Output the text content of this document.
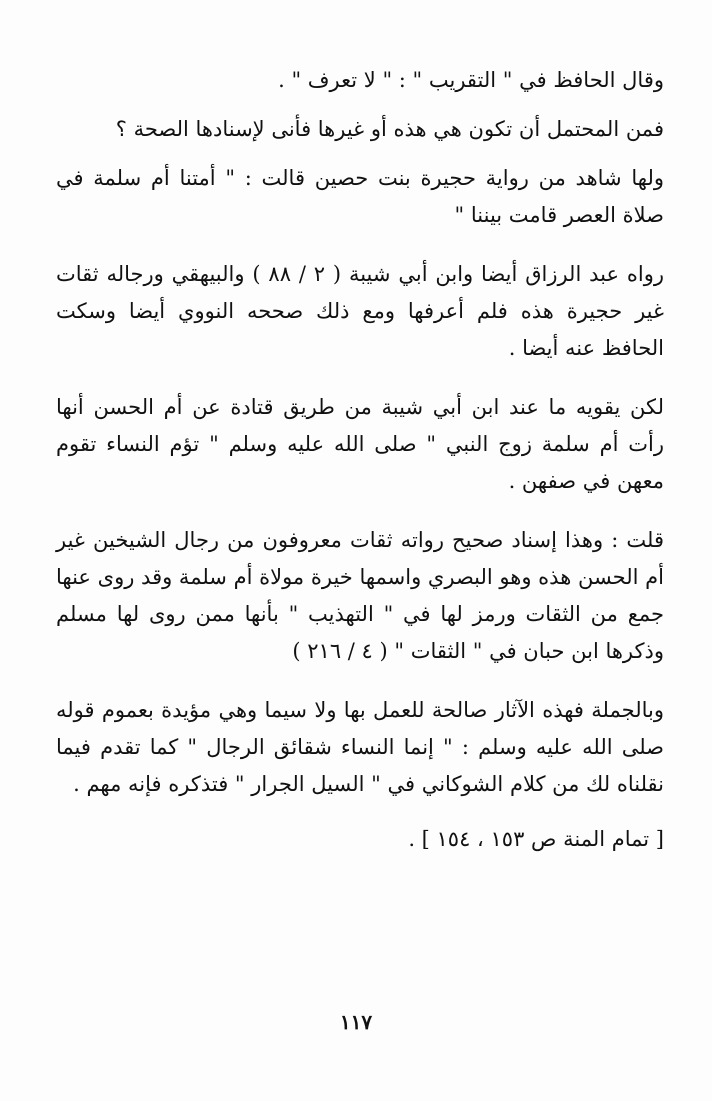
وقال الحافظ في " التقريب " : " لا تعرف " .

فمن المحتمل أن تكون هي هذه أو غيرها فأنى لإسنادها الصحة ؟

ولها شاهد من رواية حجيرة بنت حصين قالت : " أمتنا أم سلمة في صلاة العصر قامت بيننا "

رواه عبد الرزاق أيضا وابن أبي شيبة ( ٢ / ٨٨ ) والبيهقي ورجاله ثقات غير حجيرة هذه فلم أعرفها ومع ذلك صححه النووي أيضا وسكت الحافظ عنه أيضا .

لكن يقويه ما عند ابن أبي شيبة من طريق قتادة عن أم الحسن أنها رأت أم سلمة زوج النبي " صلى الله عليه وسلم " تؤم النساء تقوم معهن في صفهن .

قلت : وهذا إسناد صحيح رواته ثقات معروفون من رجال الشيخين غير أم الحسن هذه وهو البصري واسمها خيرة مولاة أم سلمة وقد روى عنها جمع من الثقات ورمز لها في " التهذيب " بأنها ممن روى لها مسلم وذكرها ابن حبان في " الثقات " ( ٤ / ٢١٦ )

وبالجملة فهذه الآثار صالحة للعمل بها ولا سيما وهي مؤيدة بعموم قوله صلى الله عليه وسلم : " إنما النساء شقائق الرجال " كما تقدم فيما نقلناه لك من كلام الشوكاني في " السيل الجرار " فتذكره فإنه مهم .

[ تمام المنة ص ١٥٣ ، ١٥٤ ] .

١١٧
